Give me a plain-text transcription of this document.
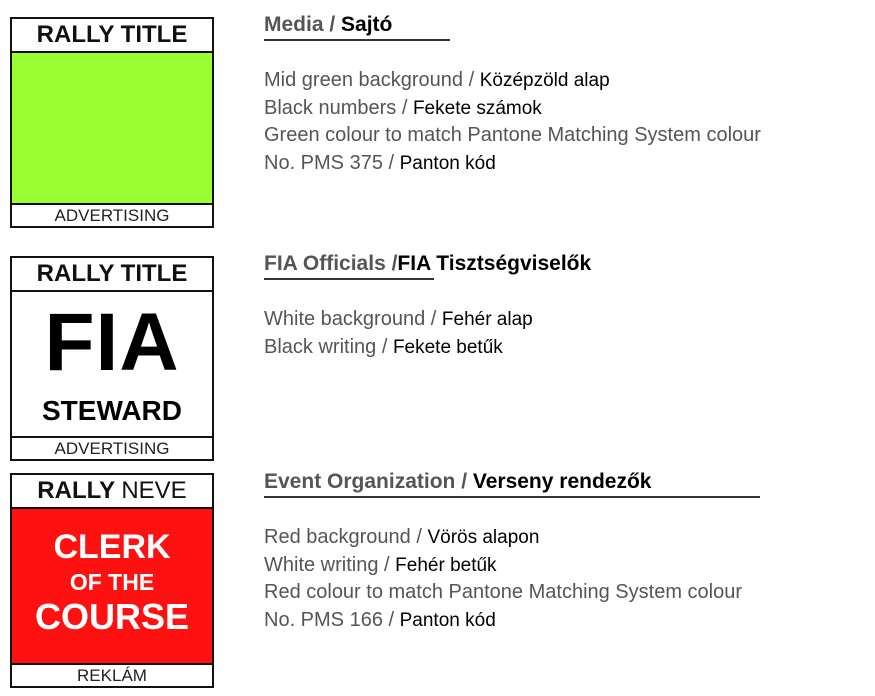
RALLY TITLE
ADVERTISING
RALLY TITLE
FIA
STEWARD
ADVERTISING
RALLY NEVE
CLERK
OF THE
COURSE
REKLÁM
Media / Sajtó
Mid green background / Középzöld alap
Black numbers / Fekete számok
Green colour to match Pantone Matching System colour
No. PMS 375 / Panton kód
FIA Officials /FIA Tisztségviselők
White background / Fehér alap
Black writing / Fekete betűk
Event Organization / Verseny rendezők
Red background / Vörös alapon
White writing / Fehér betűk
Red colour to match Pantone Matching System colour
No. PMS 166 / Panton kód
